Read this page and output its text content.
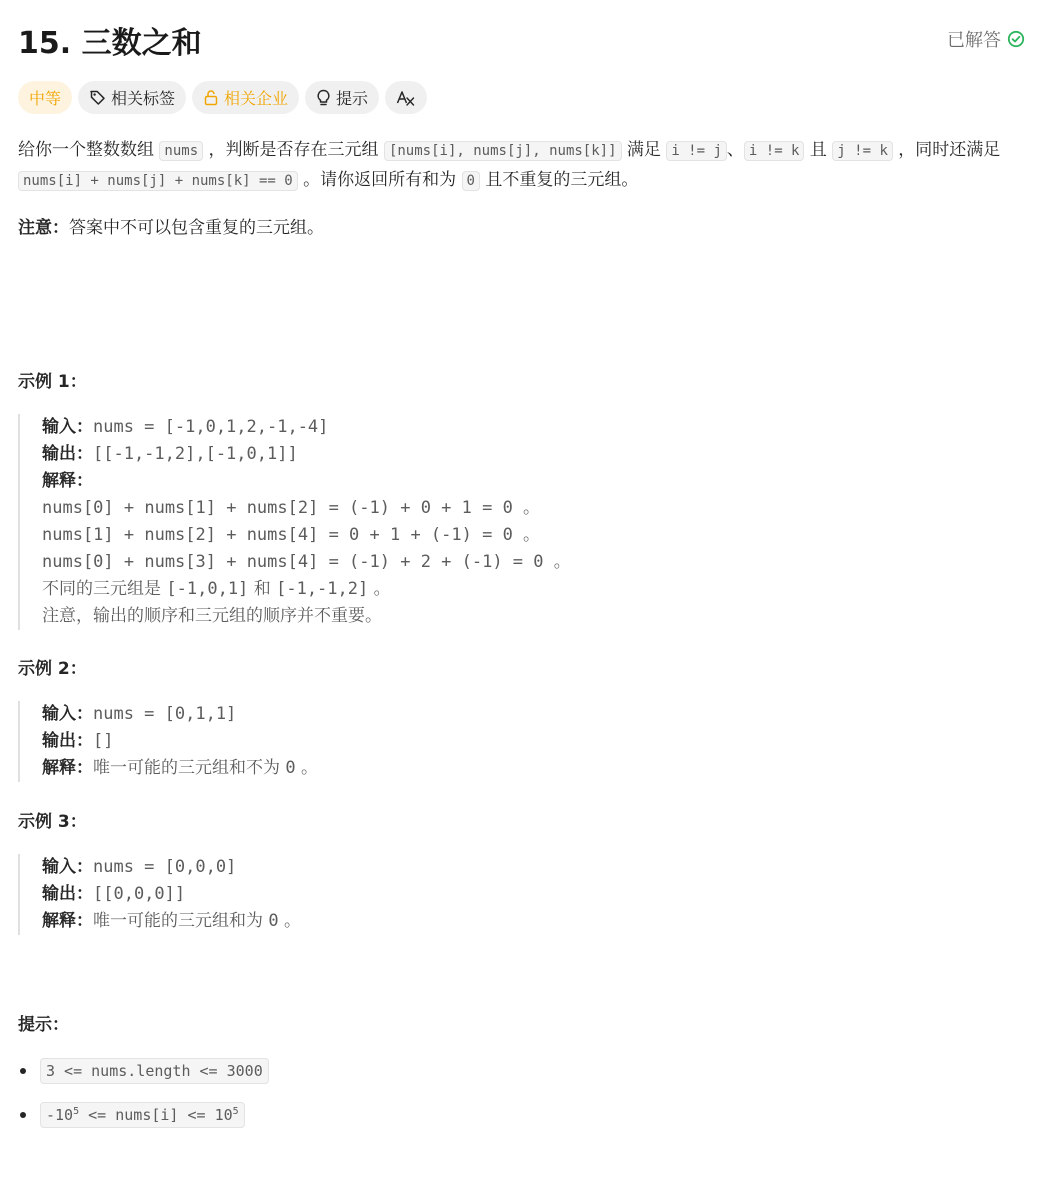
15. 三数之和	已解答
中等	相关标签	相关企业	提示

给你一个整数数组 nums ，判断是否存在三元组 [nums[i], nums[j], nums[k]] 满足 i != j 、 i != k 且 j != k ，同时还满足 nums[i] + nums[j] + nums[k] == 0 。请你返回所有和为 0 且不重复的三元组。

注意：答案中不可以包含重复的三元组。

示例 1：

输入：nums = [-1,0,1,2,-1,-4]
输出：[[-1,-1,2],[-1,0,1]]
解释：
nums[0] + nums[1] + nums[2] = (-1) + 0 + 1 = 0 。
nums[1] + nums[2] + nums[4] = 0 + 1 + (-1) = 0 。
nums[0] + nums[3] + nums[4] = (-1) + 2 + (-1) = 0 。
不同的三元组是 [-1,0,1] 和 [-1,-1,2] 。
注意，输出的顺序和三元组的顺序并不重要。

示例 2：

输入：nums = [0,1,1]
输出：[]
解释：唯一可能的三元组和不为 0 。

示例 3：

输入：nums = [0,0,0]
输出：[[0,0,0]]
解释：唯一可能的三元组和为 0 。

提示：

3 <= nums.length <= 3000
$-10^5$ <= nums[i] <= $10^5$
